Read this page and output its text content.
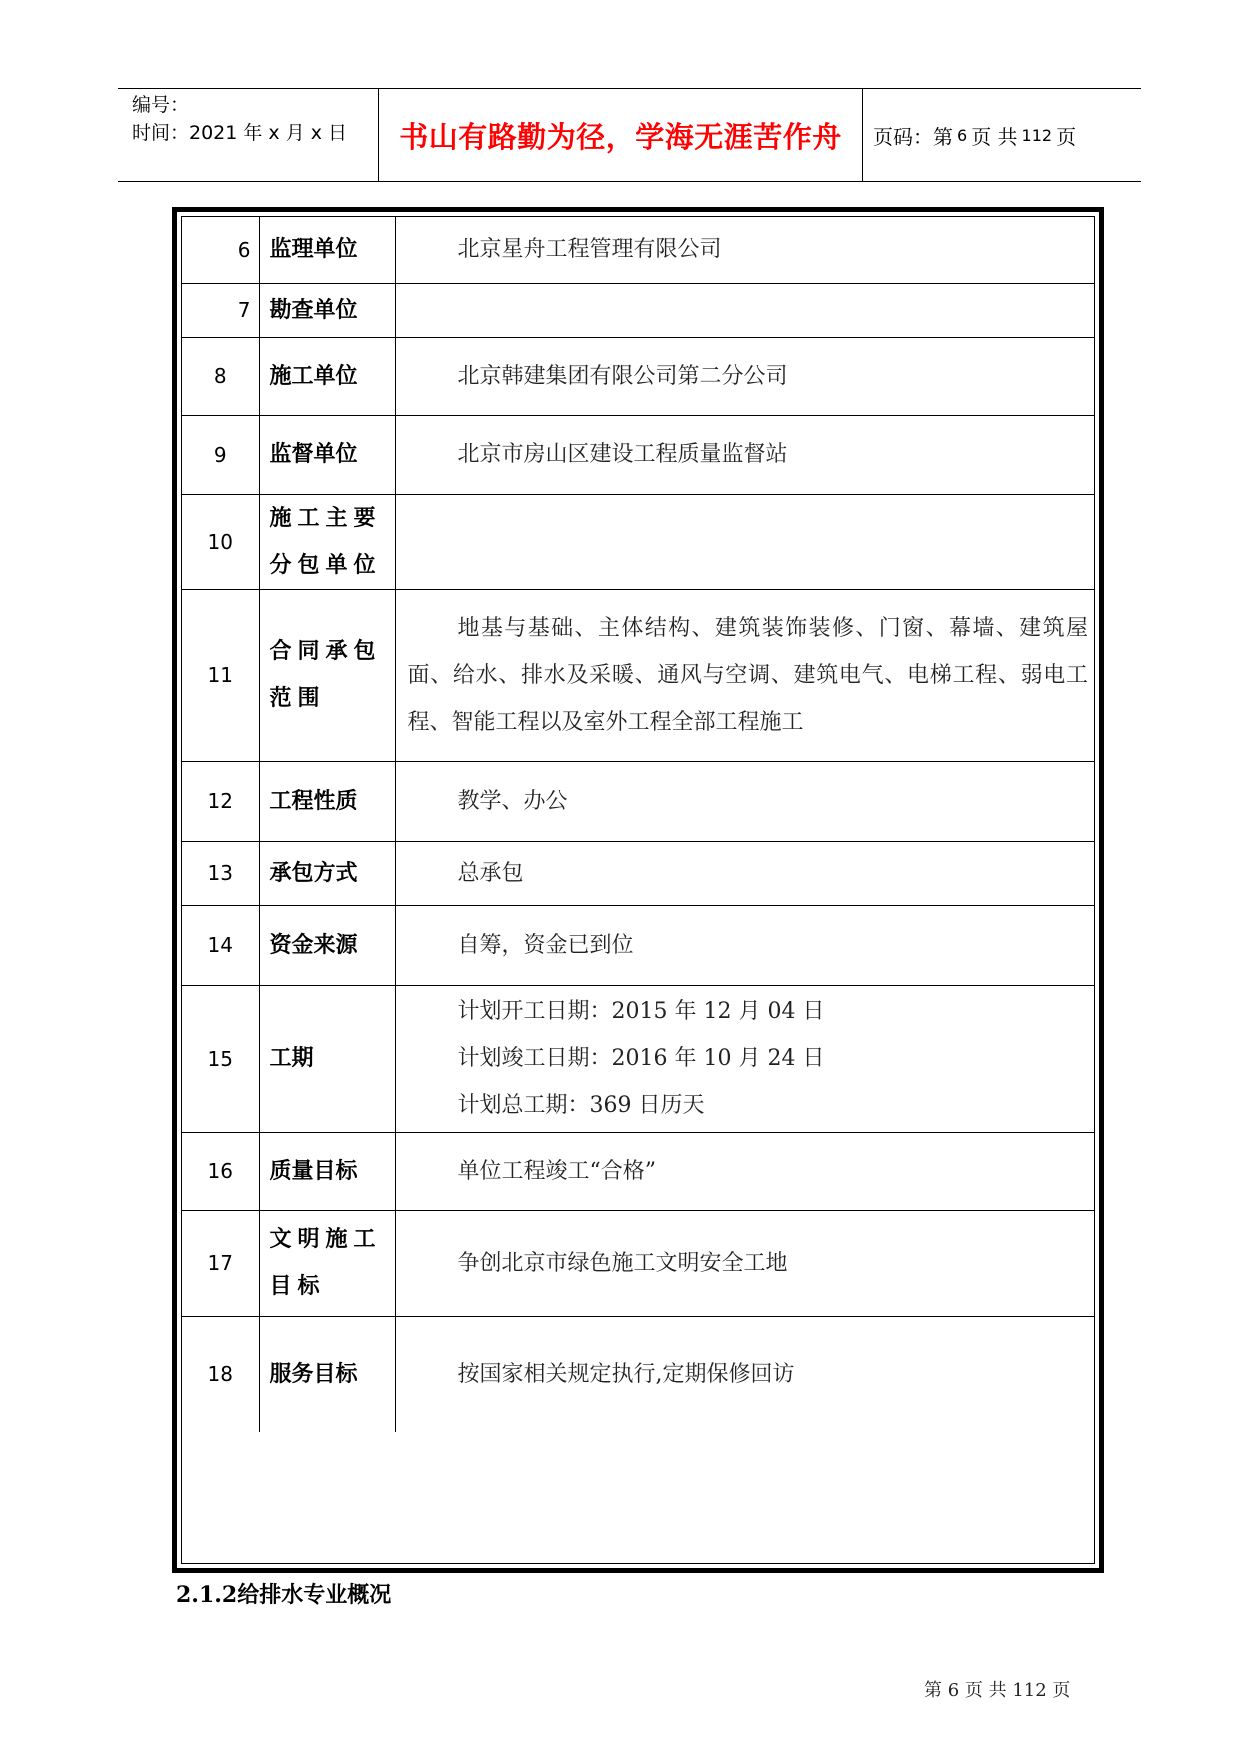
编号：
时间：2021 年 x 月 x 日	书山有路勤为径，学海无涯苦作舟	页码：第 6 页 共 112 页
6	监理单位	北京星舟工程管理有限公司

7	勘查单位	
8	施工单位	北京韩建集团有限公司第二分公司

9	监督单位	北京市房山区建设工程质量监督站

10	施工主要分包单位	
11	合同承包范围	地基与基础、主体结构、建筑装饰装修、门窗、幕墙、建筑屋面、给水、排水及采暖、通风与空调、建筑电气、电梯工程、弱电工程、智能工程以及室外工程全部工程施工

12	工程性质	教学、办公

13	承包方式	总承包

14	资金来源	自筹，资金已到位

15	工期	计划开工日期：2015 年 12 月 04 日
计划竣工日期：2016 年 10 月 24 日
计划总工期：369 日历天

16	质量目标	单位工程竣工“合格”

17	文明施工目标	争创北京市绿色施工文明安全工地

18	服务目标	按国家相关规定执行,定期保修回访
2.1.2给排水专业概况
第 6 页 共 112 页
